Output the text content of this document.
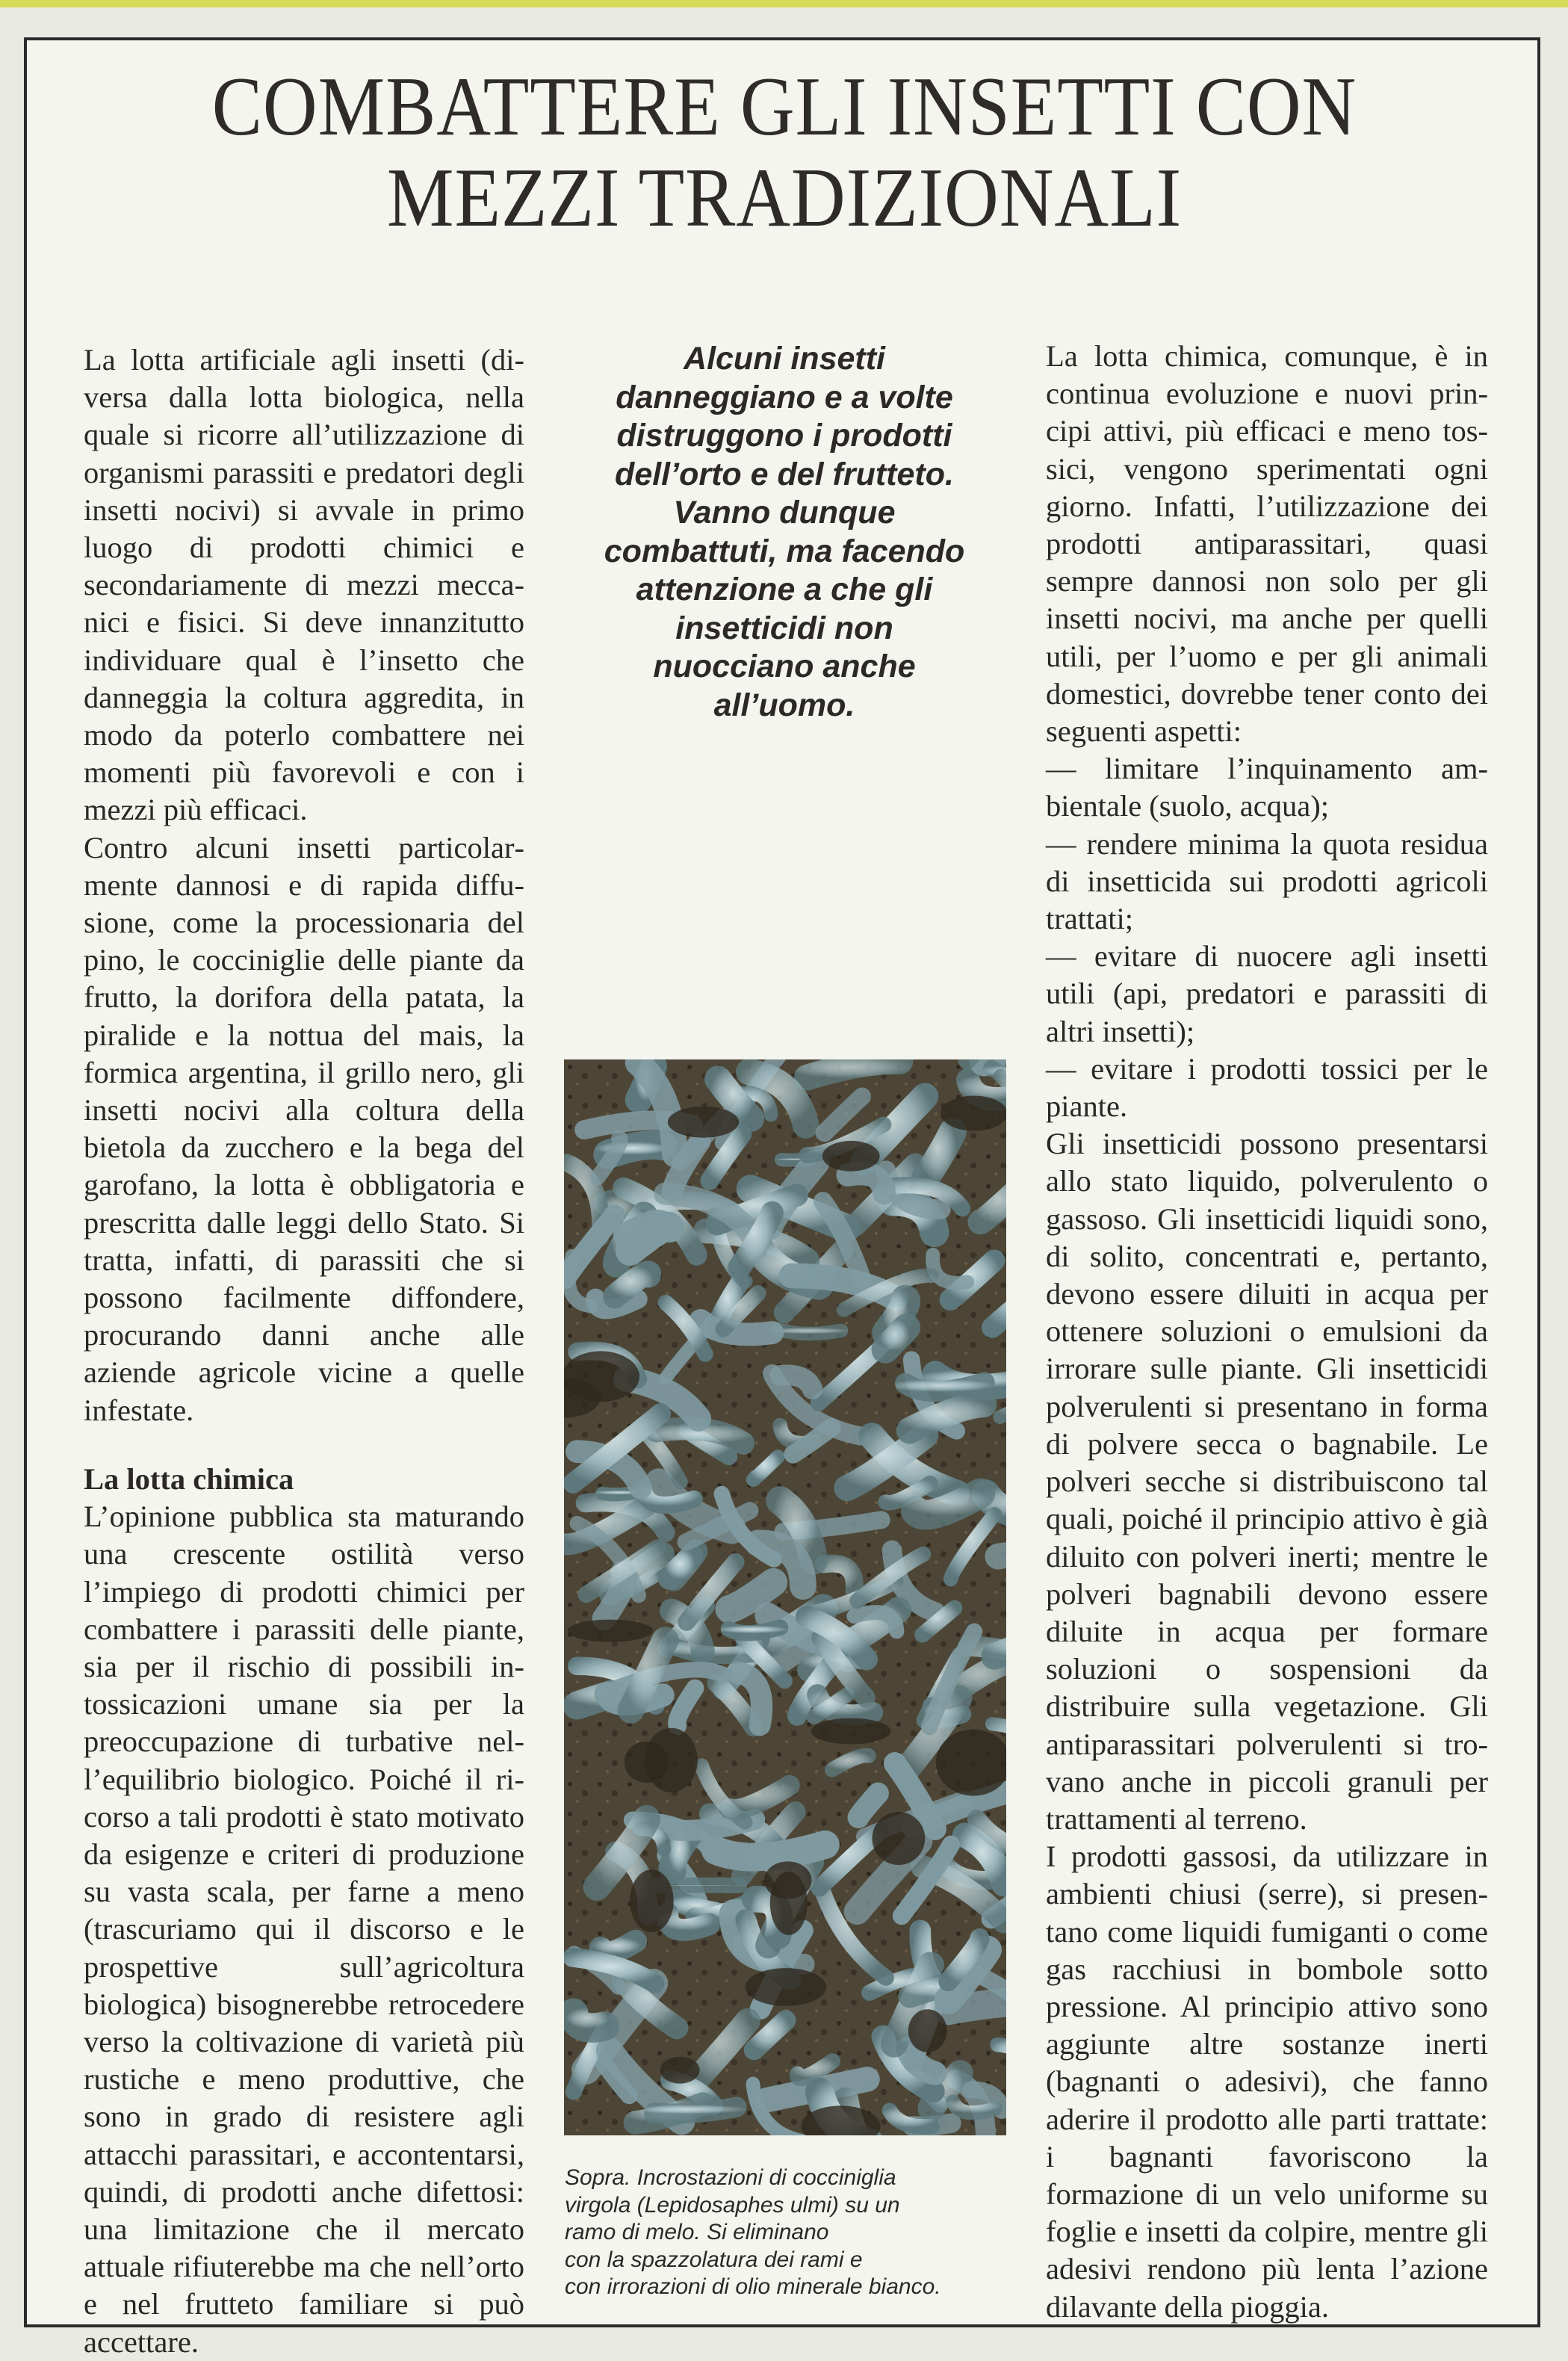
COMBATTERE GLI INSETTI CON
MEZZI TRADIZIONALI

La lotta artificiale agli insetti (diversa dalla lotta biologica, nella quale si ricorre all’utilizzazione di organismi parassiti e predatori degli insetti nocivi) si avvale in primo luogo di prodotti chimici e secondariamente di mezzi meccanici e fisici. Si deve innanzitutto individuare qual è l’insetto che danneggia la coltura aggredita, in modo da poterlo combattere nei momenti più favorevoli e con i mezzi più efficaci.

Contro alcuni insetti particolarmente dannosi e di rapida diffusione, come la processionaria del pino, le cocciniglie delle piante da frutto, la dorifora della patata, la piralide e la nottua del mais, la formica argentina, il grillo nero, gli insetti nocivi alla coltura della bietola da zucchero e la bega del garofano, la lotta è obbligatoria e prescritta dalle leggi dello Stato. Si tratta, infatti, di parassiti che si possono facilmente diffondere, procurando danni anche alle aziende agricole vicine a quelle infestate.

La lotta chimica

L’opinione pubblica sta maturando una crescente ostilità verso l’impiego di prodotti chimici per combattere i parassiti delle piante, sia per il rischio di possibili intossicazioni umane sia per la preoccupazione di turbative nell’equilibrio biologico. Poiché il ricorso a tali prodotti è stato motivato da esigenze e criteri di produzione su vasta scala, per farne a meno (trascuriamo qui il discorso e le prospettive sull’agricoltura biologica) bisognerebbe retrocedere verso la coltivazione di varietà più rustiche e meno produttive, che sono in grado di resistere agli attacchi parassitari, e accontentarsi, quindi, di prodotti anche difettosi: una limitazione che il mercato attuale rifiuterebbe ma che nell’orto e nel frutteto familiare si può accettare.

Alcuni insetti
danneggiano e a volte
distruggono i prodotti
dell’orto e del frutteto.
Vanno dunque
combattuti, ma facendo
attenzione a che gli
insetticidi non
nuocciano anche
all’uomo.
Sopra. Incrostazioni di cocciniglia
virgola (Lepidosaphes ulmi) su un
ramo di melo. Si eliminano
con la spazzolatura dei rami e
con irrorazioni di olio minerale bianco.

La lotta chimica, comunque, è in continua evoluzione e nuovi principi attivi, più efficaci e meno tossici, vengono sperimentati ogni giorno. Infatti, l’utilizzazione dei prodotti antiparassitari, quasi sempre dannosi non solo per gli insetti nocivi, ma anche per quelli utili, per l’uomo e per gli animali domestici, dovrebbe tener conto dei seguenti aspetti:

— limitare l’inquinamento ambientale (suolo, acqua);

— rendere minima la quota residua di insetticida sui prodotti agricoli trattati;

— evitare di nuocere agli insetti utili (api, predatori e parassiti di altri insetti);

— evitare i prodotti tossici per le piante.

Gli insetticidi possono presentarsi allo stato liquido, polverulento o gassoso. Gli insetticidi liquidi sono, di solito, concentrati e, pertanto, devono essere diluiti in acqua per ottenere soluzioni o emulsioni da irrorare sulle piante. Gli insetticidi polverulenti si presentano in forma di polvere secca o bagnabile. Le polveri secche si distribuiscono tal quali, poiché il principio attivo è già diluito con polveri inerti; mentre le polveri bagnabili devono essere diluite in acqua per formare soluzioni o sospensioni da distribuire sulla vegetazione. Gli antiparassitari polverulenti si trovano anche in piccoli granuli per trattamenti al terreno.

I prodotti gassosi, da utilizzare in ambienti chiusi (serre), si presentano come liquidi fumiganti o come gas racchiusi in bombole sotto pressione. Al principio attivo sono aggiunte altre sostanze inerti (bagnanti o adesivi), che fanno aderire il prodotto alle parti trattate: i bagnanti favoriscono la formazione di un velo uniforme su foglie e insetti da colpire, mentre gli adesivi rendono più lenta l’azione dilavante della pioggia.
